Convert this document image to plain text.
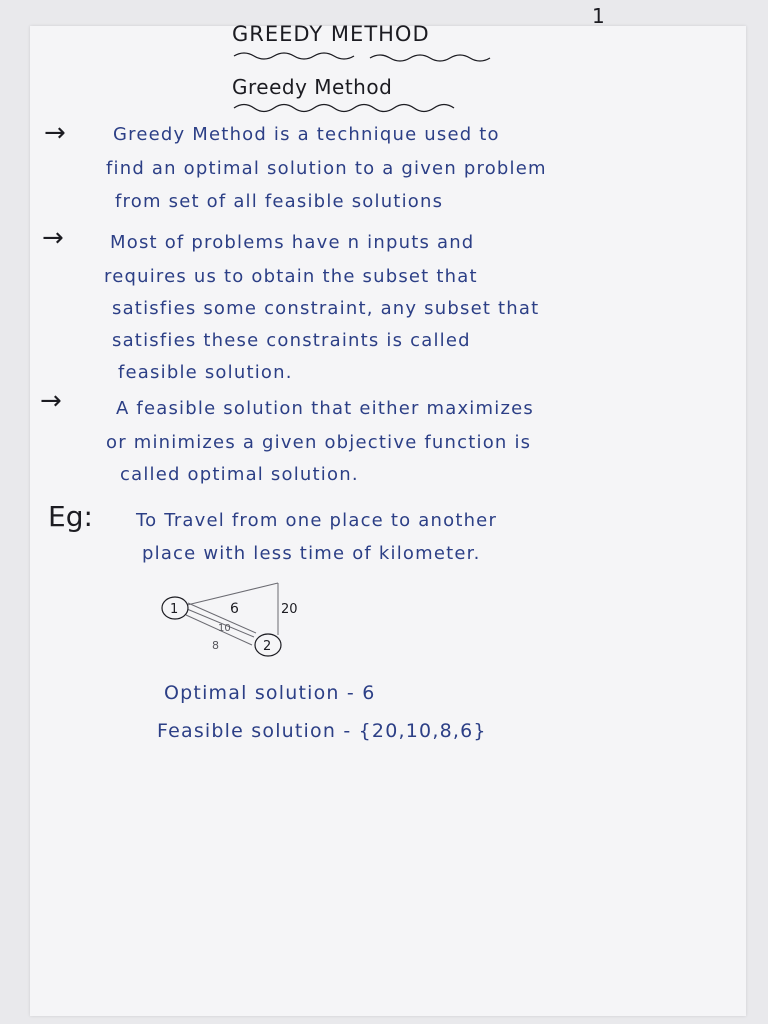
1
GREEDY METHOD
Greedy Method
→	Greedy Method is a technique used to
find an optimal solution to a given problem
from set of all feasible solutions
→	Most of problems have n inputs and
requires us to obtain the subset that
satisfies some constraint, any subset that
satisfies these constraints is called
feasible solution.
→	A feasible solution that either maximizes
or minimizes a given objective function is
called optimal solution.
Eg: To Travel from one place to another
place with less time of kilometer.
1
2
6	20
10
8
Optimal solution - 6
Feasible solution - {20,10,8,6}
